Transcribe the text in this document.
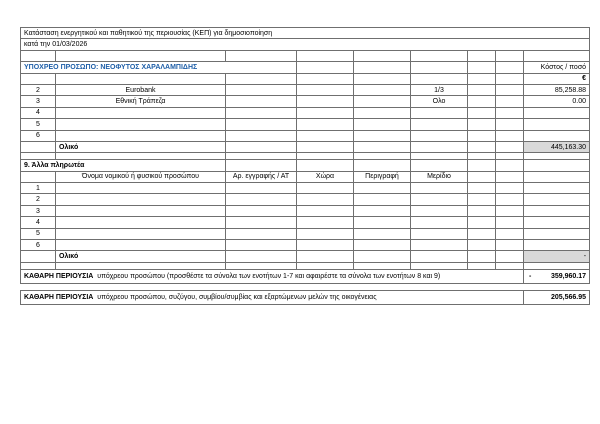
Κατάσταση ενεργητικού και παθητικού της περιουσίας (ΚΕΠ) για δημοσιοποίηση								
κατά την 01/03/2026								

ΥΠΟΧΡΕΟ ΠΡΟΣΩΠΟ: ΝΕΟΦΥΤΟΣ ΧΑΡΑΛΑΜΠΙΔΗΣ								Κόστος / ποσό
								€
2	Eurobank				1/3			85,258.88
3	Εθνική Τράπεζα				Ολο			0.00
4								
5								
6								
	Ολικό							445,163.30

9. Άλλα πληρωτέα								
	Όνομα νομικού ή φυσικού προσώπου	Αρ. εγγραφής / ΑΤ	Χώρα	Περιγραφή	Μερίδιο			
1								
2								
3								
4								
5								
6								
	Ολικό							-

ΚΑΘΑΡΗ ΠΕΡΙΟΥΣΙΑ υπόχρεου προσώπου (προσθέστε τα σύνολα των ενοτήτων 1-7 και αφαιρέστε τα σύνολα των ενοτήτων 8 και 9)								- 359,960.17

ΚΑΘΑΡΗ ΠΕΡΙΟΥΣΙΑ υπόχρεου προσώπου, συζύγου, συμβίου/συμβίας και εξαρτώμενων μελών της οικογένειας								205,566.95
